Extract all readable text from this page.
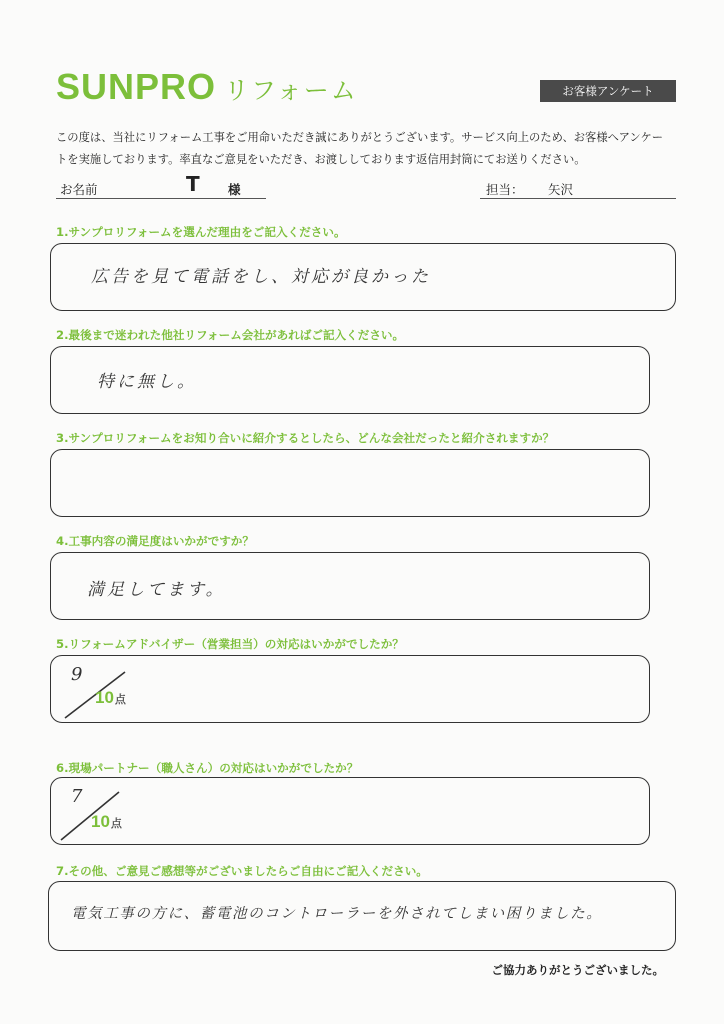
SUNPRO リフォーム	お客様アンケート
この度は、当社にリフォーム工事をご用命いただき誠にありがとうございます。サービス向上のため、お客様へアンケー
トを実施しております。率直なご意見をいただき、お渡ししております返信用封筒にてお送りください。
お名前	T 様	担当： 矢沢
1.サンプロリフォームを選んだ理由をご記入ください。
広告を見て電話をし、対応が良かった
2.最後まで迷われた他社リフォーム会社があればご記入ください。
特に無し。
3.サンプロリフォームをお知り合いに紹介するとしたら、どんな会社だったと紹介されますか？
4.工事内容の満足度はいかがですか？
満足してます。
5.リフォームアドバイザー（営業担当）の対応はいかがでしたか？
9
10点
6.現場パートナー（職人さん）の対応はいかがでしたか？
7
10点
7.その他、ご意見ご感想等がございましたらご自由にご記入ください。
電気工事の方に、蓄電池のコントローラーを外されてしまい困りました。
ご協力ありがとうございました。
